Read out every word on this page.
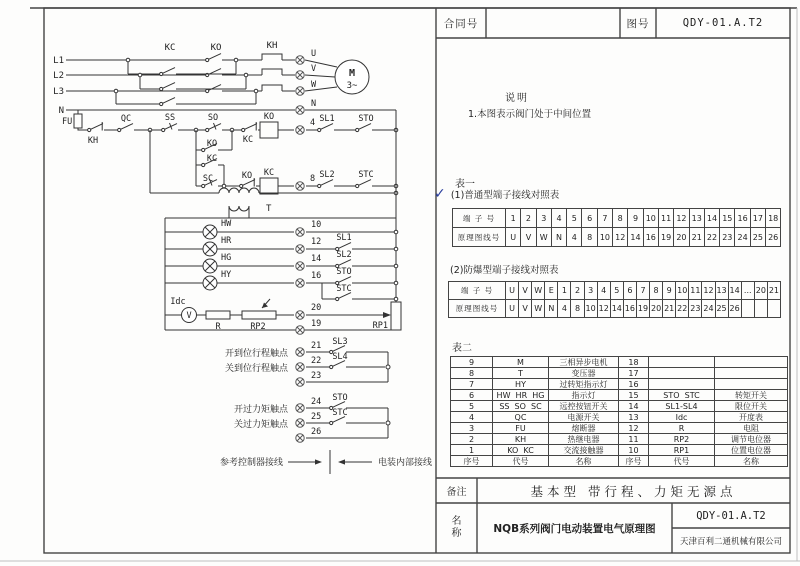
L1
L2
L3
N
KC	KO	KH
U
V
W
N
M
3~
FU
KH
QC	SS	SO
KC
KO
4 SL1	STO
KO
KC
SC	KO KC
8 SL2	STC
T
HW	10
HR	12 SL1
HG	14 SL2
HY	16 STO
STC
Idc
V
R	RP2
20
19	RP1
开到位行程触点
21 SL3
关到位行程触点
22 SL4
23
开过力矩触点
24 STO
关过力矩触点
25 STC
26
参考控制器接线	电装内部接线
合同号	图号	QDY-01.A.T2
说明
1.本图表示阀门处于中间位置
表一
✓ (1)普通型端子接线对照表
端 子 号	1	2	3	4	5	6	7	8	9 10 11 12 13 14 15 16 17 18
原理图线号	U	V	W	N	4	8 10 12 14 16 19 20 21 22 23 24 25 26
(2)防爆型端子接线对照表
端 子 号	U V W E	1	2	3	4	5	6	7	8	9 10 11 12 13 14 ... 20 21
原理图线号	U V W N 4	8 10 12 14 16 19 20 21 22 23 24 25 26
表二
9	M	三相异步电机	18
8	T	变压器	17
7	HY	过转矩指示灯	16
6	HW  HR  HG	指示灯	15	STO  STC	转矩开关
5	SS  SO  SC	远控按钮开关	14	SL1-SL4	限位开关
4	QC	电源开关	13	Idc	开度表
3	FU	熔断器	12	R	电阻
2	KH	热继电器	11	RP2	调节电位器
1	KO  KC	交流接触器	10	RP1	位置电位器
序号	代号	名称	序号	代号	名称
备注	基本型 带行程、力矩无源点
名称	NQB系列阀门电动装置电气原理图
QDY-01.A.T2
天津百利二通机械有限公司
